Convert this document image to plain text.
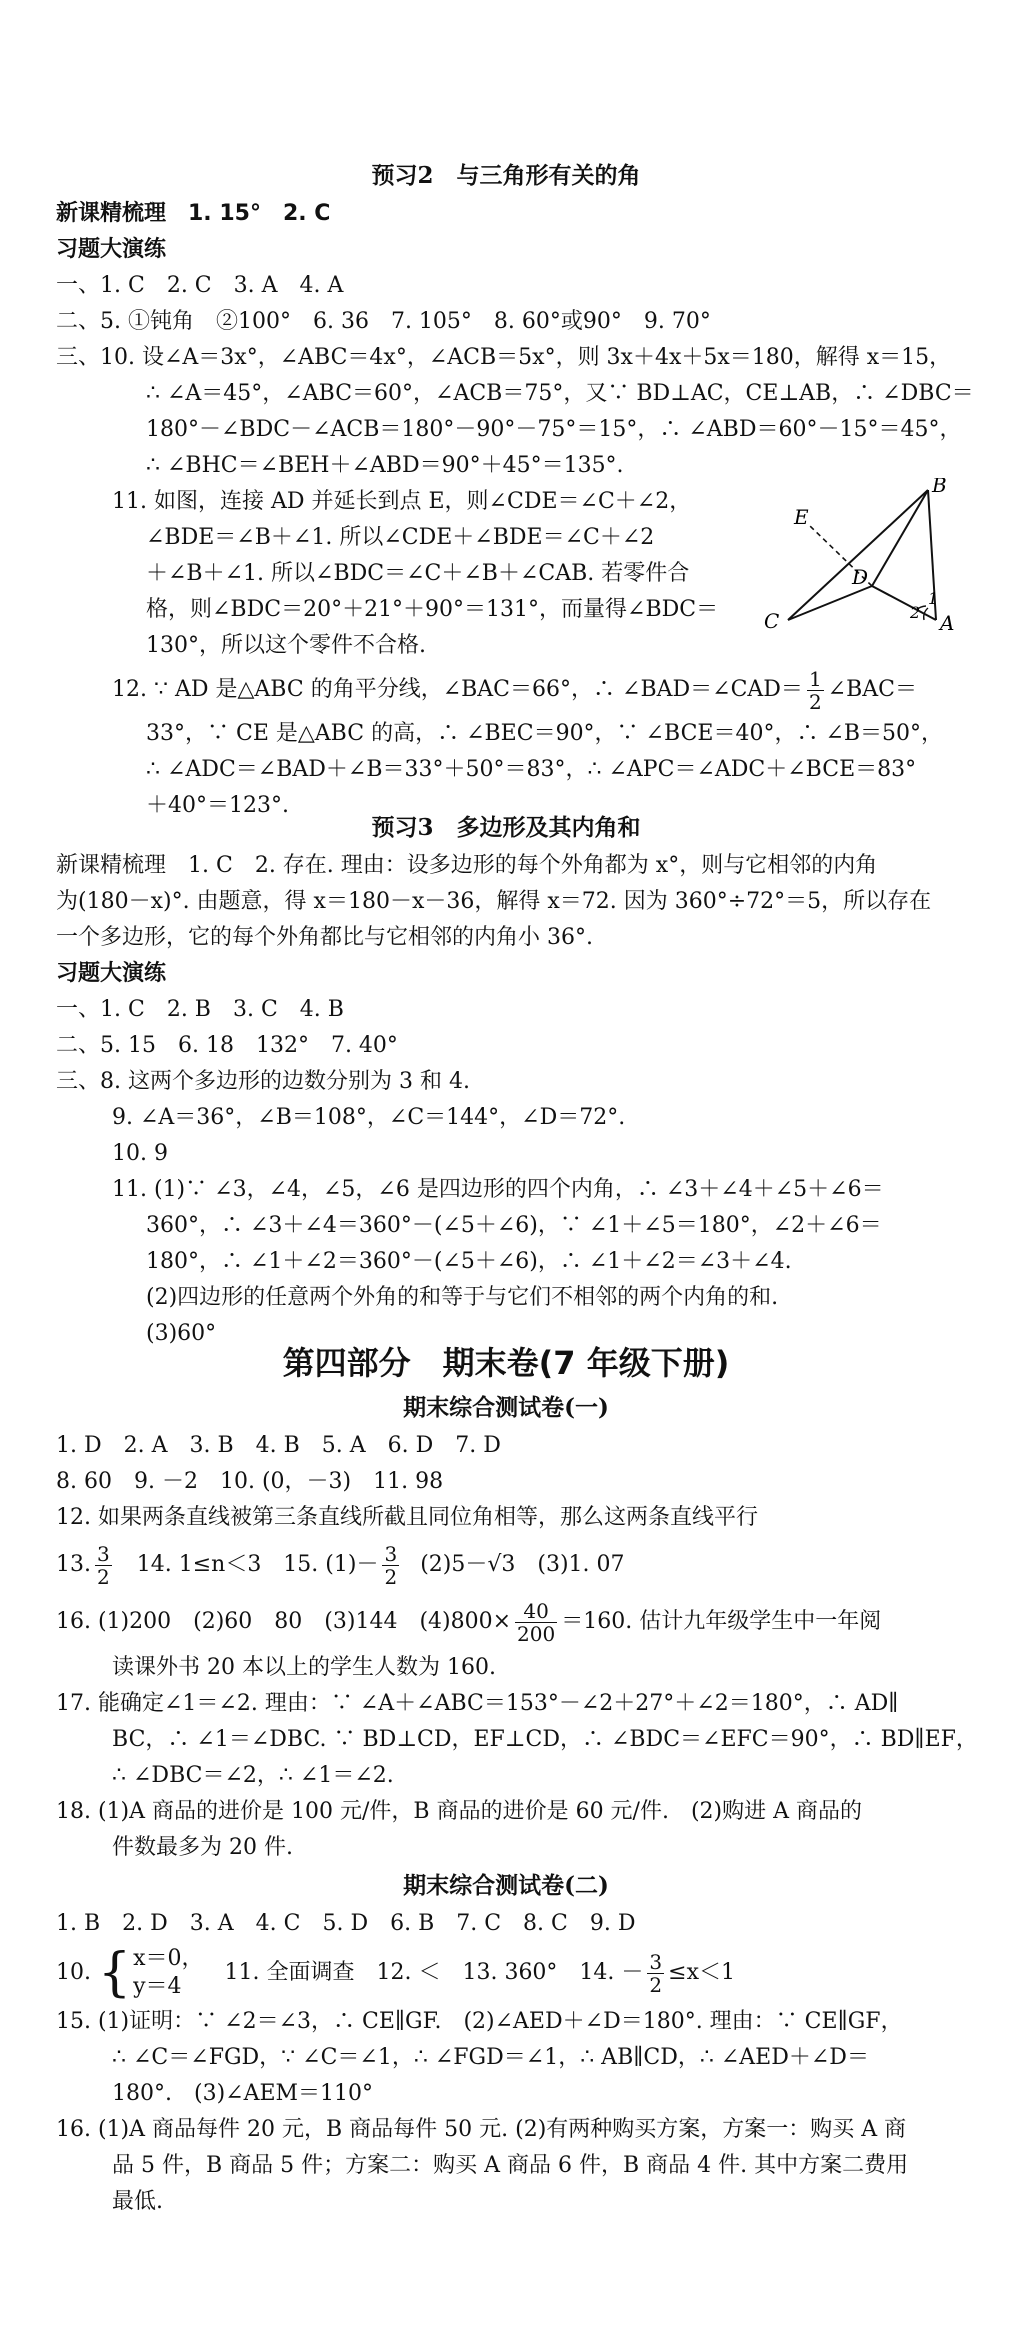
预习2　与三角形有关的角
新课精梳理　1. 15°　2. C
习题大演练
一、1. C　2. C　3. A　4. A
二、5. ①钝角　②100°　6. 36　7. 105°　8. 60°或90°　9. 70°
三、10. 设∠A＝3x°，∠ABC＝4x°，∠ACB＝5x°，则 3x＋4x＋5x＝180，解得 x＝15，
∴ ∠A＝45°，∠ABC＝60°，∠ACB＝75°，又∵ BD⊥AC，CE⊥AB，∴ ∠DBC＝
180°－∠BDC－∠ACB＝180°－90°－75°＝15°，∴ ∠ABD＝60°－15°＝45°，
∴ ∠BHC＝∠BEH＋∠ABD＝90°＋45°＝135°.
11. 如图，连接 AD 并延长到点 E，则∠CDE＝∠C＋∠2，
∠BDE＝∠B＋∠1. 所以∠CDE＋∠BDE＝∠C＋∠2
＋∠B＋∠1. 所以∠BDC＝∠C＋∠B＋∠CAB. 若零件合
格，则∠BDC＝20°＋21°＋90°＝131°，而量得∠BDC＝
130°，所以这个零件不合格.
12. ∵ AD 是△ABC 的角平分线，∠BAC＝66°，∴ ∠BAD＝∠CAD＝ $\frac{1}{2}$ ∠BAC＝
33°，∵ CE 是△ABC 的高，∴ ∠BEC＝90°，∵ ∠BCE＝40°，∴ ∠B＝50°，
∴ ∠ADC＝∠BAD＋∠B＝33°＋50°＝83°，∴ ∠APC＝∠ADC＋∠BCE＝83°
＋40°＝123°.
B
E
D
C	A
1
2
预习3　多边形及其内角和
新课精梳理　1. C　2. 存在. 理由：设多边形的每个外角都为 x°，则与它相邻的内角
为(180－x)°. 由题意，得 x＝180－x－36，解得 x＝72. 因为 360°÷72°＝5，所以存在
一个多边形，它的每个外角都比与它相邻的内角小 36°.
习题大演练
一、1. C　2. B　3. C　4. B
二、5. 15　6. 18　132°　7. 40°
三、8. 这两个多边形的边数分别为 3 和 4.
9. ∠A＝36°，∠B＝108°，∠C＝144°，∠D＝72°.
10. 9
11. (1)∵ ∠3，∠4，∠5，∠6 是四边形的四个内角，∴ ∠3＋∠4＋∠5＋∠6＝
360°，∴ ∠3＋∠4＝360°－(∠5＋∠6)，∵ ∠1＋∠5＝180°，∠2＋∠6＝
180°，∴ ∠1＋∠2＝360°－(∠5＋∠6)，∴ ∠1＋∠2＝∠3＋∠4.
(2)四边形的任意两个外角的和等于与它们不相邻的两个内角的和.
(3)60°
第四部分　期末卷(7 年级下册)
期末综合测试卷(一)
1. D　2. A　3. B　4. B　5. A　6. D　7. D
8. 60　9. －2　10. (0，－3)　11. 98
12. 如果两条直线被第三条直线所截且同位角相等，那么这两条直线平行
13. $\frac{3}{2} 14$. 1≤n＜3　15. $(1)- \frac{3}{2} (2)5-√3$　(3)1. 07
16. (1)200　(2)60　80　(3)144　$(4)800\times \frac{40}{200} =160$. 估计九年级学生中一年阅
读课外书 20 本以上的学生人数为 160.
17. 能确定∠1＝∠2. 理由：∵ ∠A＋∠ABC＝153°－∠2＋27°＋∠2＝180°，∴ AD∥
BC，∴ ∠1＝∠DBC. ∵ BD⊥CD，EF⊥CD，∴ ∠BDC＝∠EFC＝90°，∴ BD∥EF，
∴ ∠DBC＝∠2，∴ ∠1＝∠2.
18. (1)A 商品的进价是 100 元/件，B 商品的进价是 60 元/件.　(2)购进 A 商品的
件数最多为 20 件.
期末综合测试卷(二)
1. B　2. D　3. A　4. C　5. D　6. B　7. C　8. C　9. D
10. { x＝0，
y＝4
11. 全面调查　12. ＜　13. 360°　14. － $\frac{3}{2} \le x<1$
15. (1)证明：∵ ∠2＝∠3，∴ CE∥GF.　(2)∠AED＋∠D＝180°. 理由：∵ CE∥GF，
∴ ∠C＝∠FGD，∵ ∠C＝∠1，∴ ∠FGD＝∠1，∴ AB∥CD，∴ ∠AED＋∠D＝
180°.　(3)∠AEM＝110°
16. (1)A 商品每件 20 元，B 商品每件 50 元. (2)有两种购买方案，方案一：购买 A 商
品 5 件，B 商品 5 件；方案二：购买 A 商品 6 件，B 商品 4 件. 其中方案二费用
最低.
